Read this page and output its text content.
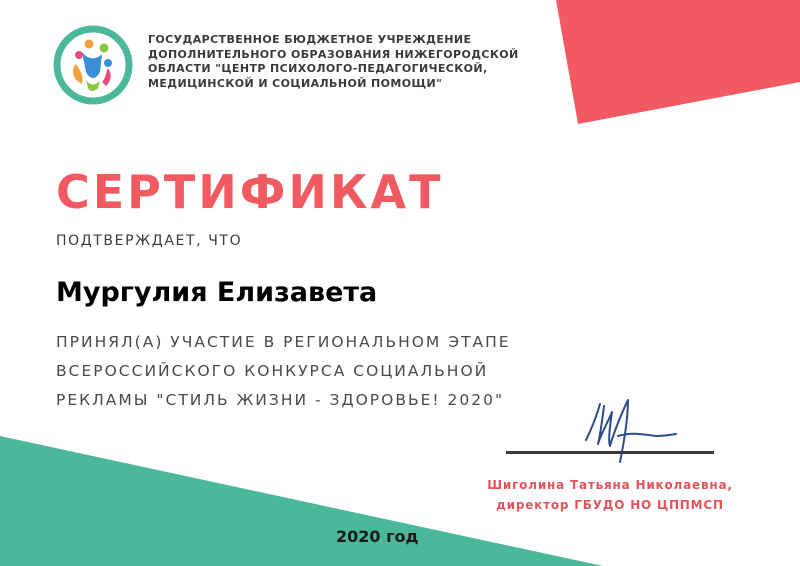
ГОСУДАРСТВЕННОЕ БЮДЖЕТНОЕ УЧРЕЖДЕНИЕ
ДОПОЛНИТЕЛЬНОГО ОБРАЗОВАНИЯ НИЖЕГОРОДСКОЙ
ОБЛАСТИ "ЦЕНТР ПСИХОЛОГО-ПЕДАГОГИЧЕСКОЙ,
МЕДИЦИНСКОЙ И СОЦИАЛЬНОЙ ПОМОЩИ"
СЕРТИФИКАТ
ПОДТВЕРЖДАЕТ, ЧТО
Мургулия Елизавета
ПРИНЯЛ(А) УЧАСТИЕ В РЕГИОНАЛЬНОМ ЭТАПЕ
ВСЕРОССИЙСКОГО КОНКУРСА СОЦИАЛЬНОЙ
РЕКЛАМЫ "СТИЛЬ ЖИЗНИ - ЗДОРОВЬЕ! 2020"
Шиголина Татьяна Николаевна,
директор ГБУДО НО ЦППМСП
2020 год
